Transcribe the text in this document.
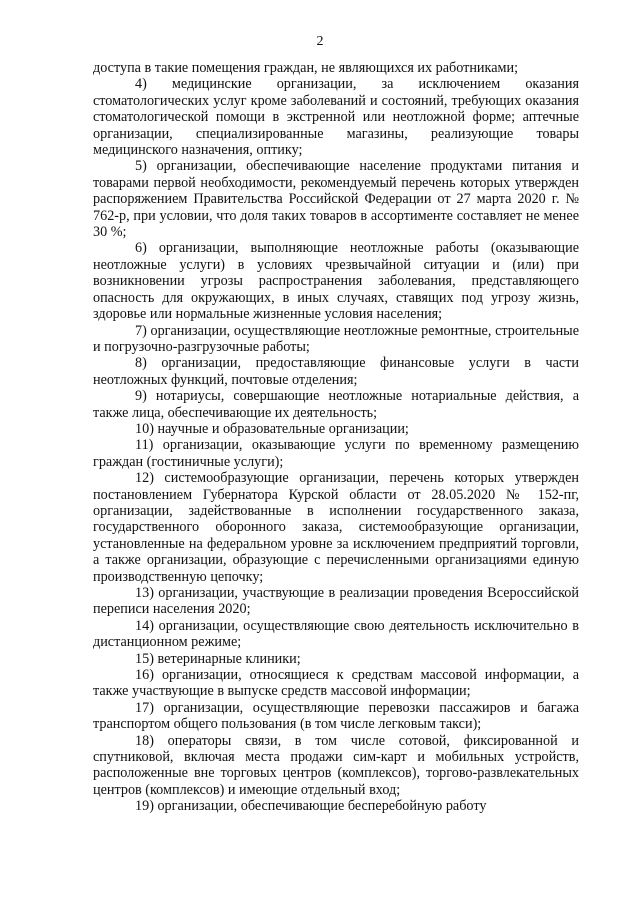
2

доступа в такие помещения граждан, не являющихся их работниками;

4) медицинские организации, за исключением оказания стоматологических услуг кроме заболеваний и состояний, требующих оказания стоматологической помощи в экстренной или неотложной форме; аптечные организации, специализированные магазины, реализующие товары медицинского назначения, оптику;

5) организации, обеспечивающие население продуктами питания и товарами первой необходимости, рекомендуемый перечень которых утвержден распоряжением Правительства Российской Федерации от 27 марта 2020 г. № 762-р, при условии, что доля таких товаров в ассортименте составляет не менее 30 %;

6) организации, выполняющие неотложные работы (оказывающие неотложные услуги) в условиях чрезвычайной ситуации и (или) при возникновении угрозы распространения заболевания, представляющего опасность для окружающих, в иных случаях, ставящих под угрозу жизнь, здоровье или нормальные жизненные условия населения;

7) организации, осуществляющие неотложные ремонтные, строительные и погрузочно-разгрузочные работы;

8) организации, предоставляющие финансовые услуги в части неотложных функций, почтовые отделения;

9) нотариусы, совершающие неотложные нотариальные действия, а также лица, обеспечивающие их деятельность;

10) научные и образовательные организации;

11) организации, оказывающие услуги по временному размещению граждан (гостиничные услуги);

12) системообразующие организации, перечень которых утвержден постановлением Губернатора Курской области от 28.05.2020 № 152-пг, организации, задействованные в исполнении государственного заказа, государственного оборонного заказа, системообразующие организации, установленные на федеральном уровне за исключением предприятий торговли, а также организации, образующие с перечисленными организациями единую производственную цепочку;

13) организации, участвующие в реализации проведения Всероссийской переписи населения 2020;

14) организации, осуществляющие свою деятельность исключительно в дистанционном режиме;

15) ветеринарные клиники;

16) организации, относящиеся к средствам массовой информации, а также участвующие в выпуске средств массовой информации;

17) организации, осуществляющие перевозки пассажиров и багажа транспортом общего пользования (в том числе легковым такси);

18) операторы связи, в том числе сотовой, фиксированной и спутниковой, включая места продажи сим-карт и мобильных устройств, расположенные вне торговых центров (комплексов), торгово-развлекательных центров (комплексов) и имеющие отдельный вход;

19) организации, обеспечивающие бесперебойную работу
